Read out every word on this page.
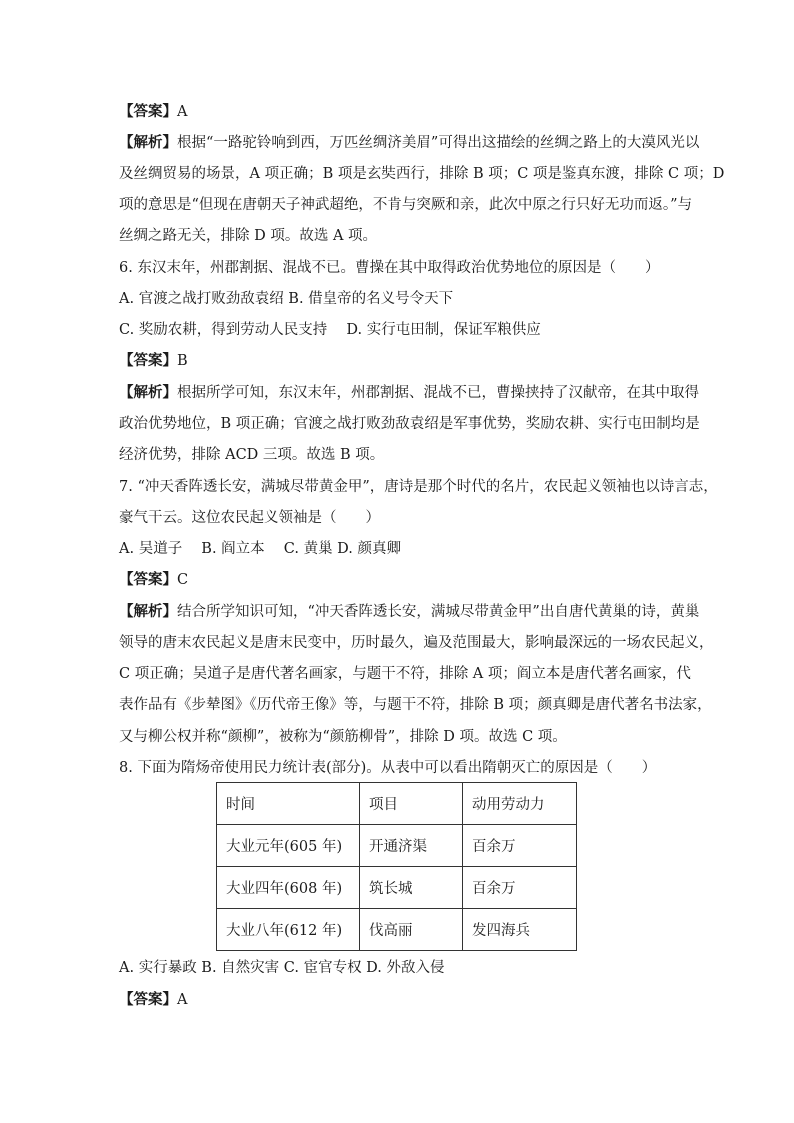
【答案】A
【解析】根据“一路驼铃响到西，万匹丝绸济美眉”可得出这描绘的丝绸之路上的大漠风光以
及丝绸贸易的场景，A 项正确；B 项是玄奘西行，排除 B 项；C 项是鉴真东渡，排除 C 项；D
项的意思是“但现在唐朝天子神武超绝，不肯与突厥和亲，此次中原之行只好无功而返。”与
丝绸之路无关，排除 D 项。故选 A 项。
6. 东汉末年，州郡割据、混战不已。曹操在其中取得政治优势地位的原因是（　　）
A. 官渡之战打败劲敌袁绍 B. 借皇帝的名义号令天下
C. 奖励农耕，得到劳动人民支持　 D. 实行屯田制，保证军粮供应
【答案】B
【解析】根据所学可知，东汉末年，州郡割据、混战不已，曹操挟持了汉献帝，在其中取得
政治优势地位，B 项正确；官渡之战打败劲敌袁绍是军事优势，奖励农耕、实行屯田制均是
经济优势，排除 ACD 三项。故选 B 项。
7. “冲天香阵透长安，满城尽带黄金甲”，唐诗是那个时代的名片，农民起义领袖也以诗言志，
豪气干云。这位农民起义领袖是（　　）
A. 吴道子　 B. 阎立本　 C. 黄巢 D. 颜真卿
【答案】C
【解析】结合所学知识可知，“冲天香阵透长安，满城尽带黄金甲”出自唐代黄巢的诗，黄巢
领导的唐末农民起义是唐末民变中，历时最久，遍及范围最大，影响最深远的一场农民起义，
C 项正确；吴道子是唐代著名画家，与题干不符，排除 A 项；阎立本是唐代著名画家，代
表作品有《步辇图》《历代帝王像》等，与题干不符，排除 B 项；颜真卿是唐代著名书法家，
又与柳公权并称“颜柳”，被称为“颜筋柳骨”，排除 D 项。故选 C 项。
8. 下面为隋炀帝使用民力统计表(部分)。从表中可以看出隋朝灭亡的原因是（　　）
时间	项目	动用劳动力
大业元年(605 年)	开通济渠	百余万
大业四年(608 年)	筑长城	百余万
大业八年(612 年)	伐高丽	发四海兵
A. 实行暴政 B. 自然灾害 C. 宦官专权 D. 外敌入侵
【答案】A
